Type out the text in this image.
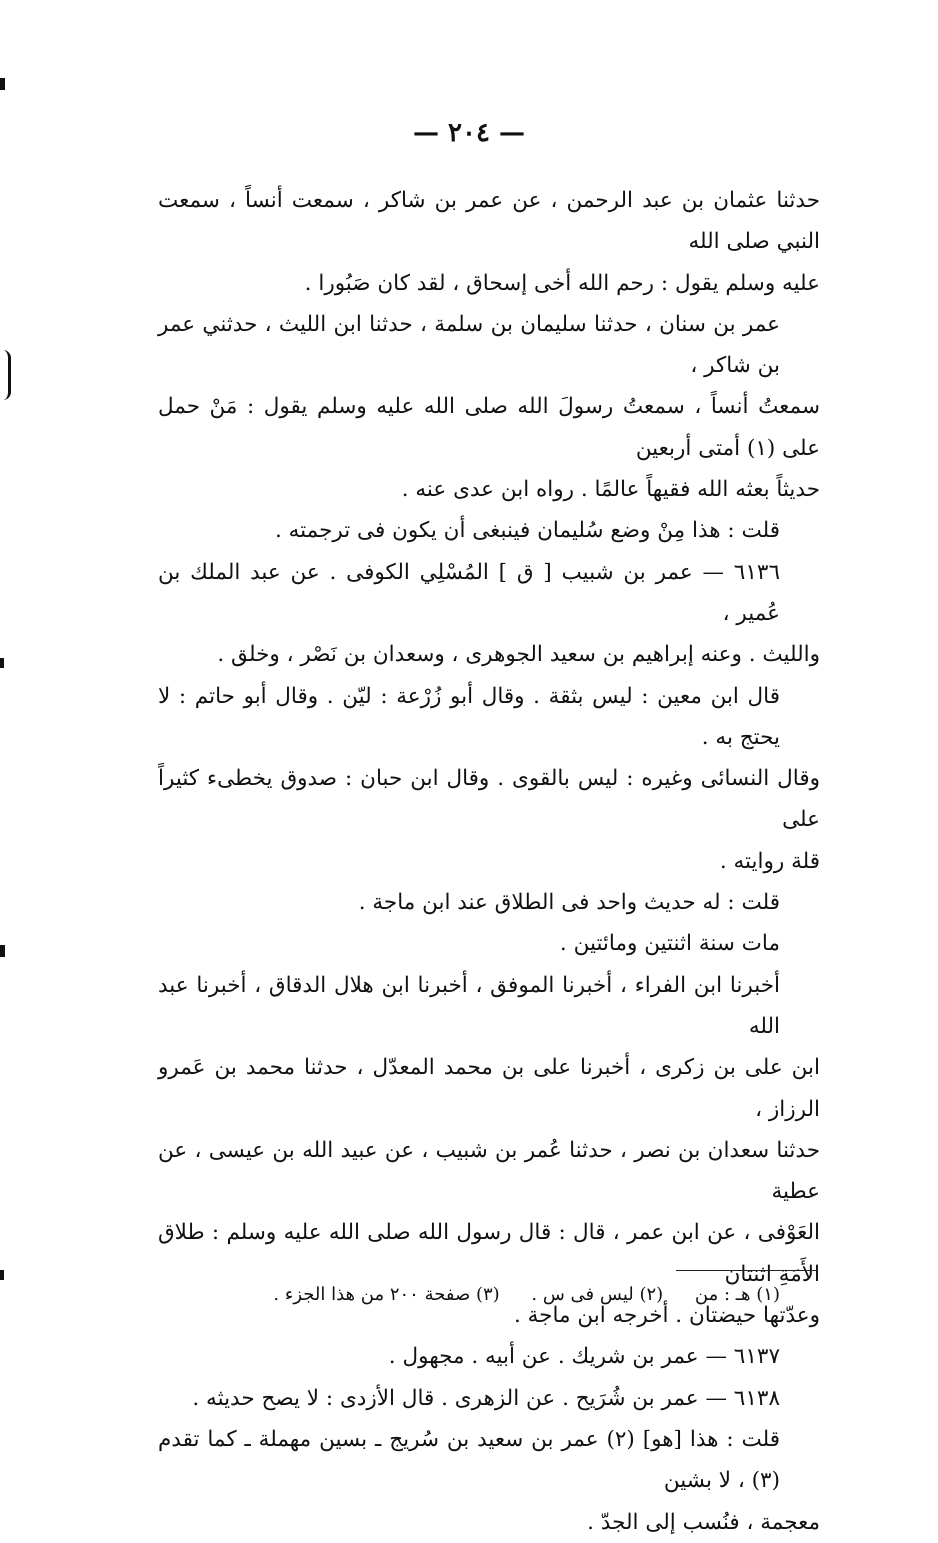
— ٢٠٤ —

حدثنا عثمان بن عبد الرحمن ، عن عمر بن شاكر ، سمعت أنساً ، سمعت النبي صلى الله

عليه وسلم يقول : رحم الله أخى إسحاق ، لقد كان صَبُورا .

عمر بن سنان ، حدثنا سليمان بن سلمة ، حدثنا ابن الليث ، حدثني عمر بن شاكر ،

سمعتُ أنساً ، سمعتُ رسولَ الله صلى الله عليه وسلم يقول : مَنْ حمل على (١) أمتى أربعين

حديثاً بعثه الله فقيهاً عالمًا . رواه ابن عدى عنه .

قلت : هذا مِنْ وضع سُليمان فينبغى أن يكون فى ترجمته .

٦١٣٦ — عمر بن شبيب [ ق ] المُسْلِي الكوفى . عن عبد الملك بن عُمير ،

والليث . وعنه إبراهيم بن سعيد الجوهرى ، وسعدان بن نَصْر ، وخلق .

قال ابن معين : ليس بثقة . وقال أبو زُرْعة : ليّن . وقال أبو حاتم : لا يحتج به .

وقال النسائى وغيره : ليس بالقوى . وقال ابن حبان : صدوق يخطىء كثيراً على

قلة روايته .

قلت : له حديث واحد فى الطلاق عند ابن ماجة .

مات سنة اثنتين ومائتين .

أخبرنا ابن الفراء ، أخبرنا الموفق ، أخبرنا ابن هلال الدقاق ، أخبرنا عبد الله

ابن على بن زكرى ، أخبرنا على بن محمد المعدّل ، حدثنا محمد بن عَمرو الرزاز ،

حدثنا سعدان بن نصر ، حدثنا عُمر بن شبيب ، عن عبيد الله بن عيسى ، عن عطية

العَوْفى ، عن ابن عمر ، قال : قال رسول الله صلى الله عليه وسلم : طلاق الأَمَةِ اثنتان

وعدّتها حيضتان . أخرجه ابن ماجة .

٦١٣٧ — عمر بن شريك . عن أبيه . مجهول .

٦١٣٨ — عمر بن شُرَيح . عن الزهرى . قال الأزدى : لا يصح حديثه .

قلت : هذا [هو] (٢) عمر بن سعيد بن سُريج ـ بسين مهملة ـ كما تقدم (٣) ، لا بشين

معجمة ، فنُسب إلى الجدّ .

(١) هـ : من (٢) ليس فى س . (٣) صفحة ٢٠٠ من هذا الجزء .
